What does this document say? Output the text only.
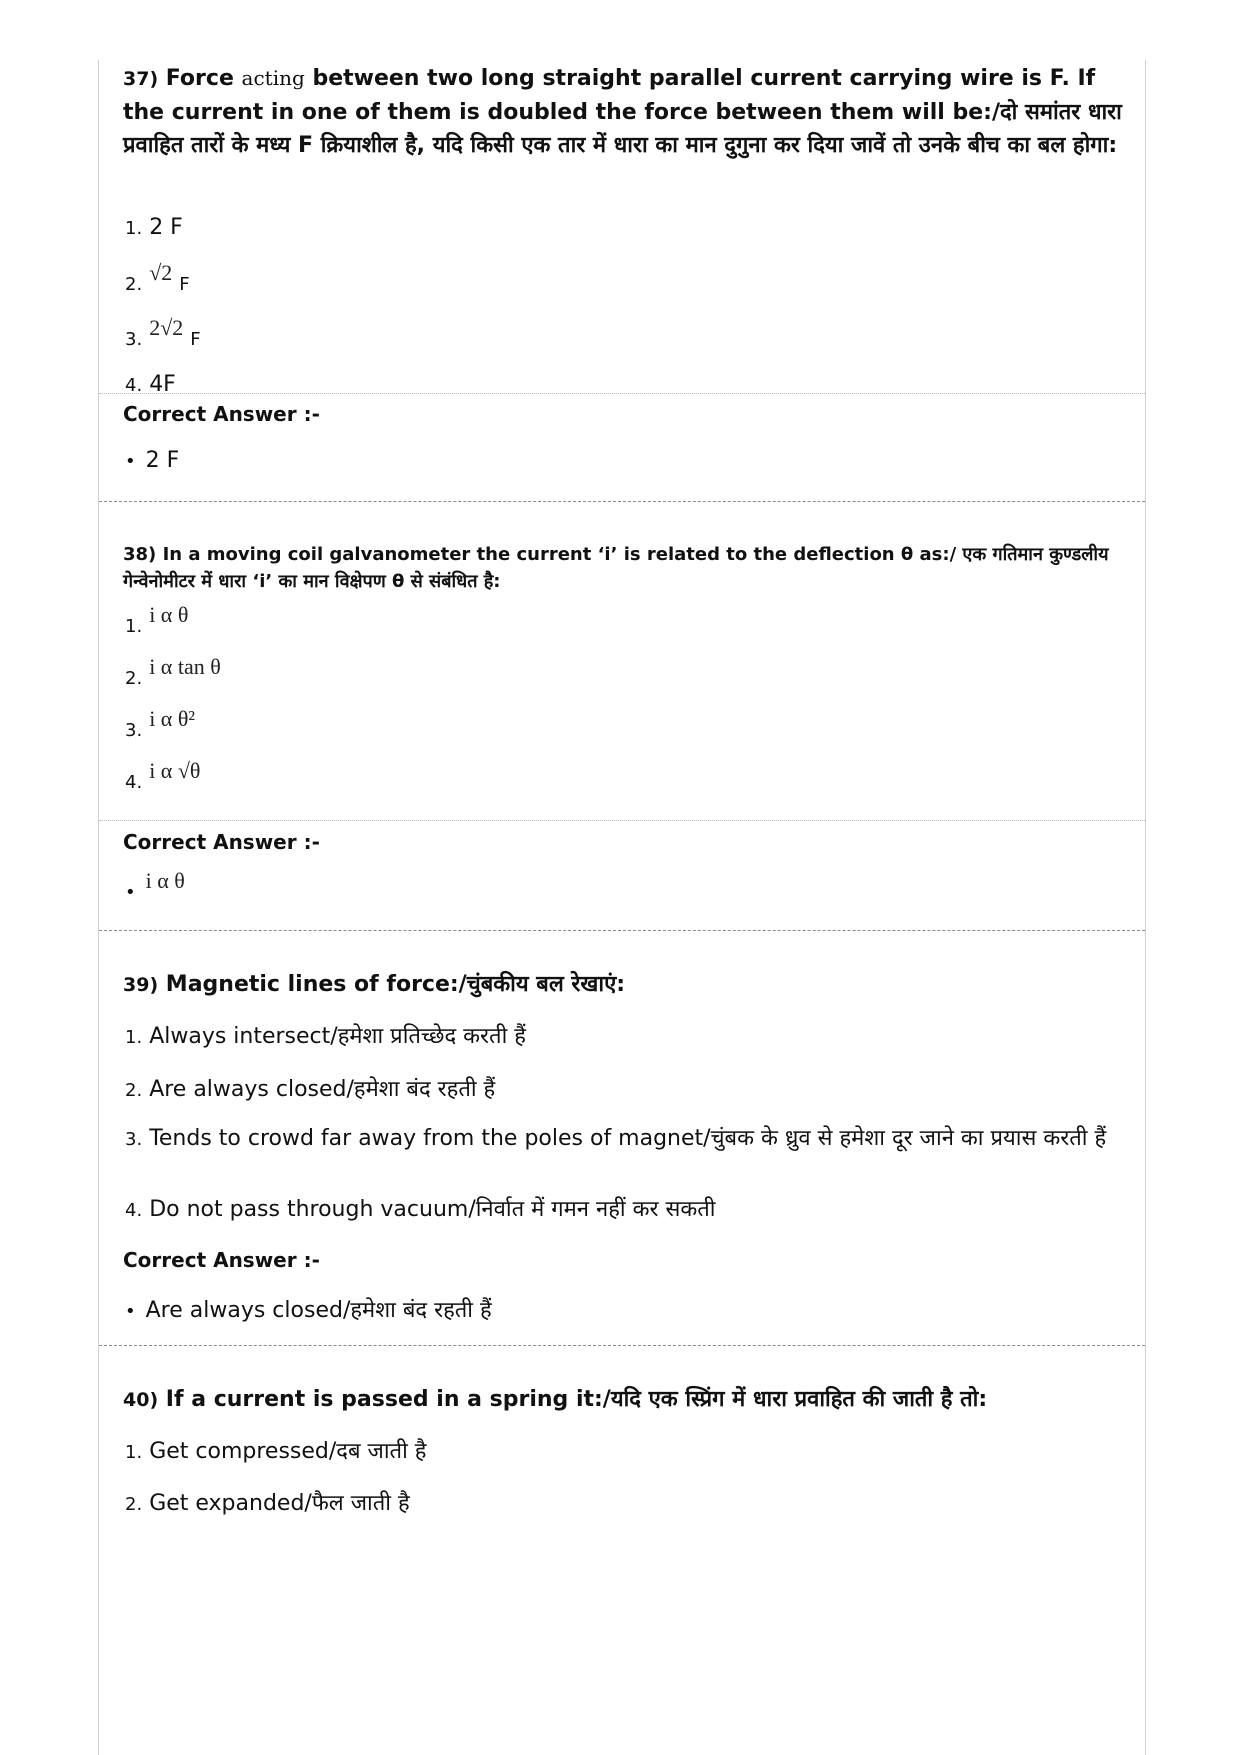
37) Force acting between two long straight parallel current carrying wire is F. If the current in one of them is doubled the force between them will be:/दो समांतर धारा प्रवाहित तारों के मध्य F क्रियाशील है, यदि किसी एक तार में धारा का मान दुगुना कर दिया जावें तो उनके बीच का बल होगा:
1. 2 F
2. √2 F
3. 2√2 F
4. 4F
Correct Answer :-
• 2 F
38) In a moving coil galvanometer the current ‘i’ is related to the deflection θ as:/ एक गतिमान कुण्डलीय गेन्वेनोमीटर में धारा ‘i’ का मान विक्षेपण θ से संबंधित है:
1. i α θ
2. i α tan θ
3. i α θ²
4. i α √θ
Correct Answer :-
• i α θ
39) Magnetic lines of force:/चुंबकीय बल रेखाएं:
1. Always intersect/हमेशा प्रतिच्छेद करती हैं
2. Are always closed/हमेशा बंद रहती हैं
3. Tends to crowd far away from the poles of magnet/चुंबक के ध्रुव से हमेशा दूर जाने का प्रयास करती हैं
4. Do not pass through vacuum/निर्वात में गमन नहीं कर सकती
Correct Answer :-
• Are always closed/हमेशा बंद रहती हैं
40) If a current is passed in a spring it:/यदि एक स्प्रिंग में धारा प्रवाहित की जाती है तो:
1. Get compressed/दब जाती है
2. Get expanded/फैल जाती है
